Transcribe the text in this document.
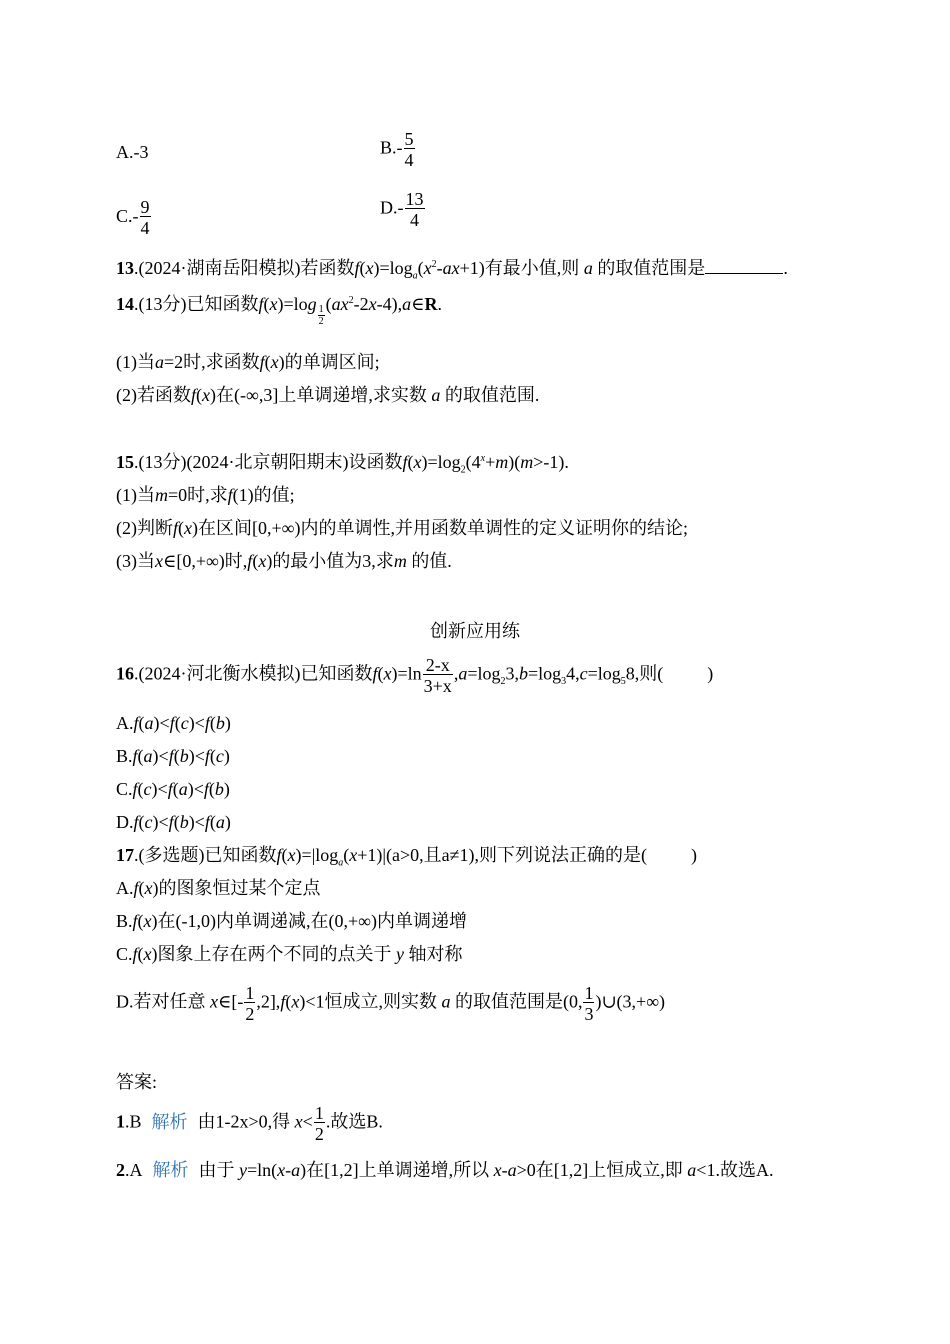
A.-3	$B.- \frac{5}{4}$
$C.- \frac{9}{4}$	$D.- \frac{13}{4}$
13.(2024·湖南岳阳模拟)若函数$f(x)=\log_a(x^2-ax+1)$有最小值,则 a 的取值范围是	.
14.(13分)已知函数f(x)=log
$\frac{1}{2}$
$(ax^2-2x-4),a\in R$.
(1)当a=2时,求函数f(x)的单调区间;
(2)若函数f(x)在(-∞,3]上单调递增,求实数 a 的取值范围.
15.(13分)(2024·北京朝阳期末)设函数$f(x)=\log_2(4^x+m)(m>-1)$.
(1)当m=0时,求f(1)的值;
(2)判断f(x)在区间[0,+∞)内的单调性,并用函数单调性的定义证明你的结论;
(3)当x∈[0,+∞)时,f(x)的最小值为3,求m 的值.
创新应用练
16.(2024·河北衡水模拟)已知函数$f(x)=\ln \frac{2-x}{3+x} ,a=\log_23,b=\log_34,c=\log_58$,则( )
A.f(a)<f(c)<f(b)
B.f(a)<f(b)<f(c)
C.f(c)<f(a)<f(b)
D.f(c)<f(b)<f(a)
17.(多选题)已知函数$f(x)=|\log_a(x+1)|(a>0$,且a≠1),则下列说法正确的是( )
A.f(x)的图象恒过某个定点
B.f(x)在(-1,0)内单调递减,在(0,+∞)内单调递增
C.f(x)图象上存在两个不同的点关于 y 轴对称
D.若对任意 x∈[- $\frac{1}{2} ,2],f(x)<1$恒成立,则实数 a 的取值范围是(0, $\frac{1}{3}$ )∪(3,+∞)
答案:
1.B 解析 由1-2x>0,得 $x< \frac{1}{2}$ .故选B.
2.A 解析 由于 y=ln(x-a)在[1,2]上单调递增,所以 x-a>0在[1,2]上恒成立,即 a<1.故选A.
